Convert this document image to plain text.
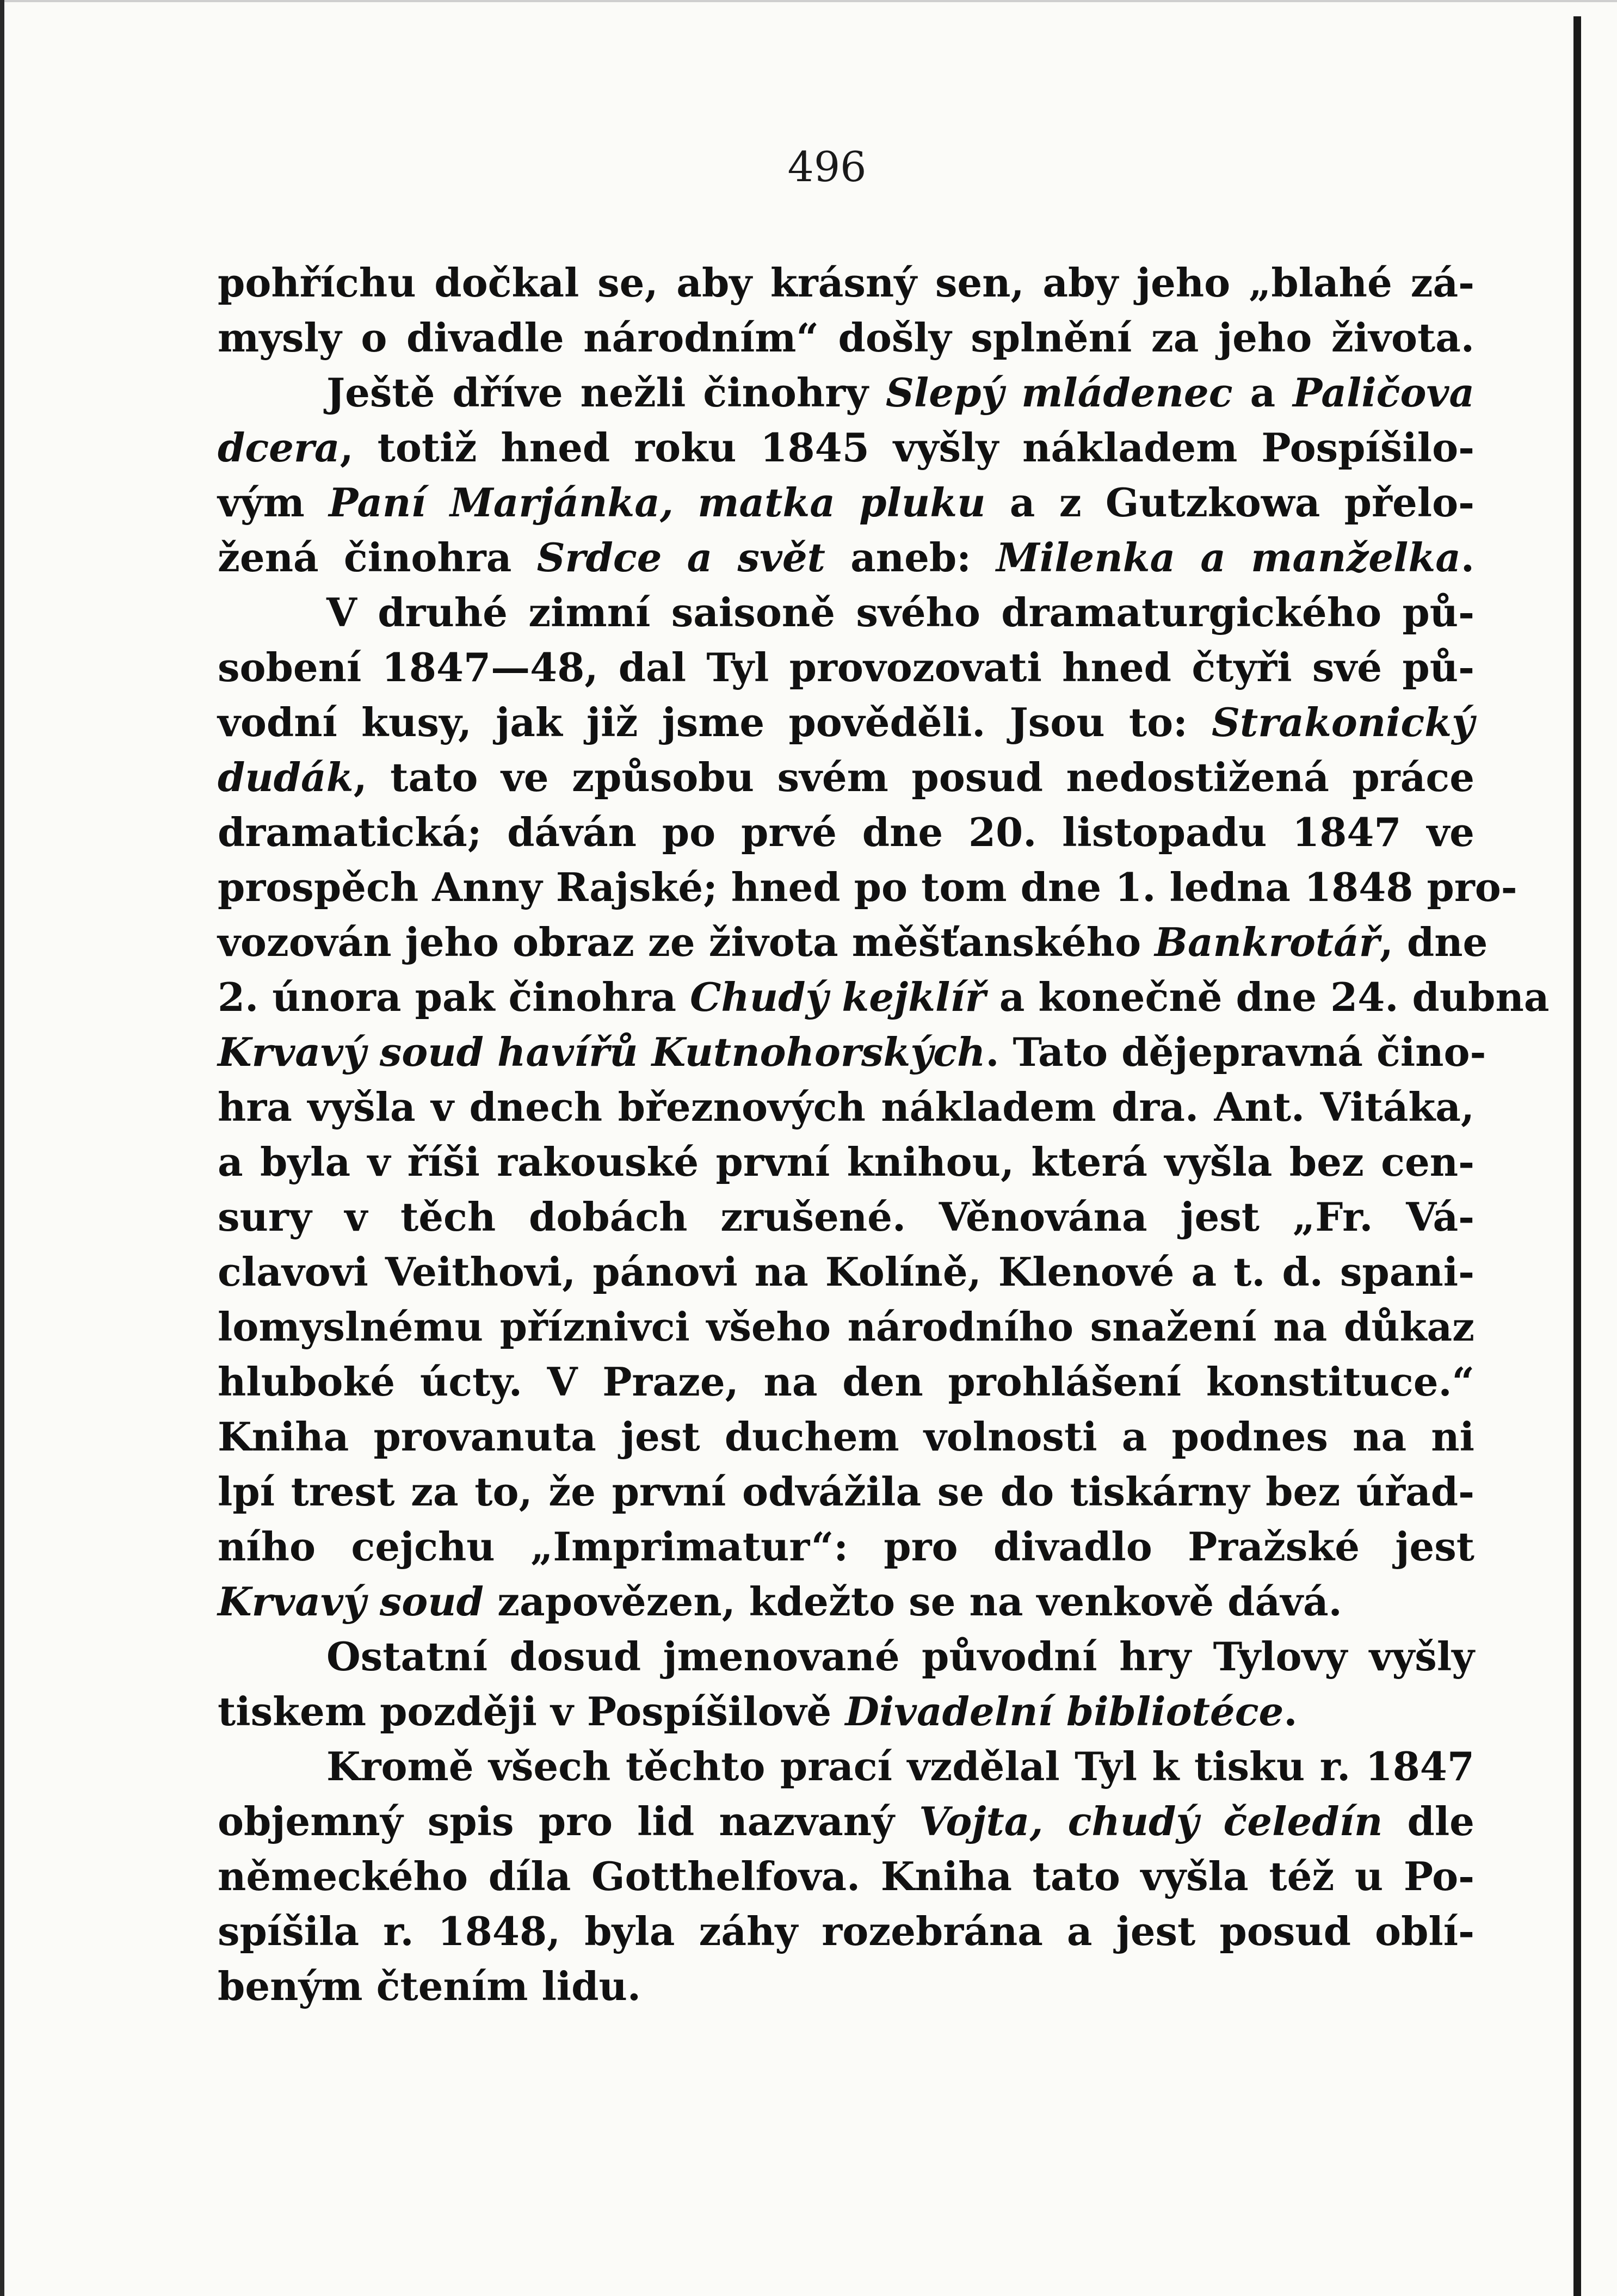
496
pohříchu dočkal se, aby krásný sen, aby jeho „blahé zá-
mysly o divadle národním“ došly splnění za jeho života.
Ještě dříve nežli činohry Slepý mládenec a Paličova
dcera, totiž hned roku 1845 vyšly nákladem Pospíšilo-
vým Paní Marjánka, matka pluku a z Gutzkowa přelo-
žená činohra Srdce a svět aneb: Milenka a manželka.
V druhé zimní saisoně svého dramaturgického pů-
sobení 1847—48, dal Tyl provozovati hned čtyři své pů-
vodní kusy, jak již jsme pověděli. Jsou to: Strakonický
dudák, tato ve způsobu svém posud nedostižená práce
dramatická; dáván po prvé dne 20. listopadu 1847 ve
prospěch Anny Rajské; hned po tom dne 1. ledna 1848 pro-
vozován jeho obraz ze života měšťanského Bankrotář, dne
2. února pak činohra Chudý kejklíř a konečně dne 24. dubna
Krvavý soud havířů Kutnohorských. Tato dějepravná čino-
hra vyšla v dnech březnových nákladem dra. Ant. Vitáka,
a byla v říši rakouské první knihou, která vyšla bez cen-
sury v těch dobách zrušené. Věnována jest „Fr. Vá-
clavovi Veithovi, pánovi na Kolíně, Klenové a t. d. spani-
lomyslnému příznivci všeho národního snažení na důkaz
hluboké úcty. V Praze, na den prohlášení konstituce.“
Kniha provanuta jest duchem volnosti a podnes na ni
lpí trest za to, že první odvážila se do tiskárny bez úřad-
ního cejchu „Imprimatur“: pro divadlo Pražské jest
Krvavý soud zapovězen, kdežto se na venkově dává.
Ostatní dosud jmenované původní hry Tylovy vyšly
tiskem později v Pospíšilově Divadelní bibliotéce.
Kromě všech těchto prací vzdělal Tyl k tisku r. 1847
objemný spis pro lid nazvaný Vojta, chudý čeledín dle
německého díla Gotthelfova. Kniha tato vyšla též u Po-
spíšila r. 1848, byla záhy rozebrána a jest posud oblí-
beným čtením lidu.
